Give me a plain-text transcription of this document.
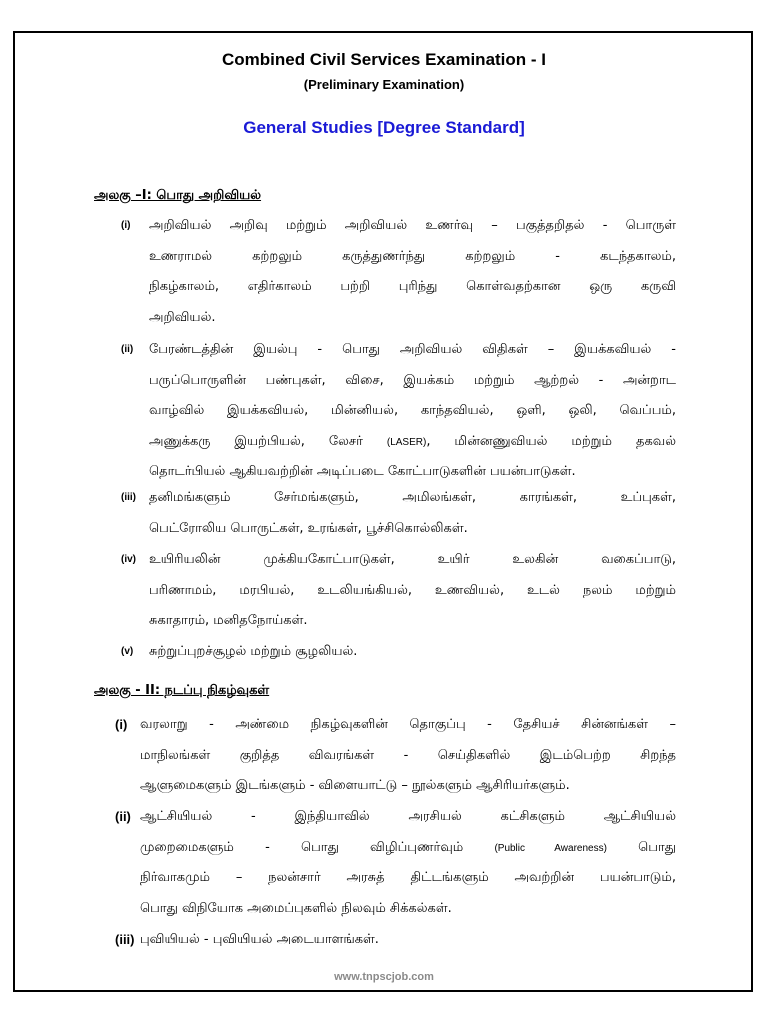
Combined Civil Services Examination - I
(Preliminary Examination)
General Studies [Degree Standard]
அலகு –I: பொது அறிவியல்
(i) அறிவியல் அறிவு மற்றும் அறிவியல் உணர்வு – பகுத்தறிதல் - பொருள்
உணராமல் கற்றலும் கருத்துணர்ந்து கற்றலும் - கடந்தகாலம்,
நிகழ்காலம், எதிர்காலம் பற்றி புரிந்து கொள்வதற்கான ஒரு கருவி
அறிவியல்.
(ii) பேரண்டத்தின் இயல்பு - பொது அறிவியல் விதிகள் – இயக்கவியல் -
பருப்பொருளின் பண்புகள், விசை, இயக்கம் மற்றும் ஆற்றல் - அன்றாட
வாழ்வில் இயக்கவியல், மின்னியல், காந்தவியல், ஒளி, ஒலி, வெப்பம்,
அணுக்கரு இயற்பியல், லேசர் (LASER), மின்னணுவியல் மற்றும் தகவல்
தொடர்பியல் ஆகியவற்றின் அடிப்படை கோட்பாடுகளின் பயன்பாடுகள்.
(iii) தனிமங்களும் சேர்மங்களும், அமிலங்கள், காரங்கள், உப்புகள்,
பெட்ரோலிய பொருட்கள், உரங்கள், பூச்சிகொல்லிகள்.
(iv) உயிரியலின் முக்கியகோட்பாடுகள், உயிர் உலகின் வகைப்பாடு,
பரிணாமம், மரபியல், உடலியங்கியல், உணவியல், உடல் நலம் மற்றும்
சுகாதாரம், மனிதநோய்கள்.
(v) சுற்றுப்புறச்சூழல் மற்றும் சூழலியல்.
அலகு - II: நடப்பு நிகழ்வுகள்
(i) வரலாறு - அண்மை நிகழ்வுகளின் தொகுப்பு - தேசியச் சின்னங்கள் –
மாநிலங்கள் குறித்த விவரங்கள் - செய்திகளில் இடம்பெற்ற சிறந்த
ஆளுமைகளும் இடங்களும் - விளையாட்டு – நூல்களும் ஆசிரியர்களும்.
(ii) ஆட்சியியல் - இந்தியாவில் அரசியல் கட்சிகளும் ஆட்சியியல்
முறைமைகளும் - பொது விழிப்புணர்வும் (Public Awareness) பொது
நிர்வாகமும் – நலன்சார் அரசுத் திட்டங்களும் அவற்றின் பயன்பாடும்,
பொது விநியோக அமைப்புகளில் நிலவும் சிக்கல்கள்.
(iii) புவியியல் - புவியியல் அடையாளங்கள்.
www.tnpscjob.com
